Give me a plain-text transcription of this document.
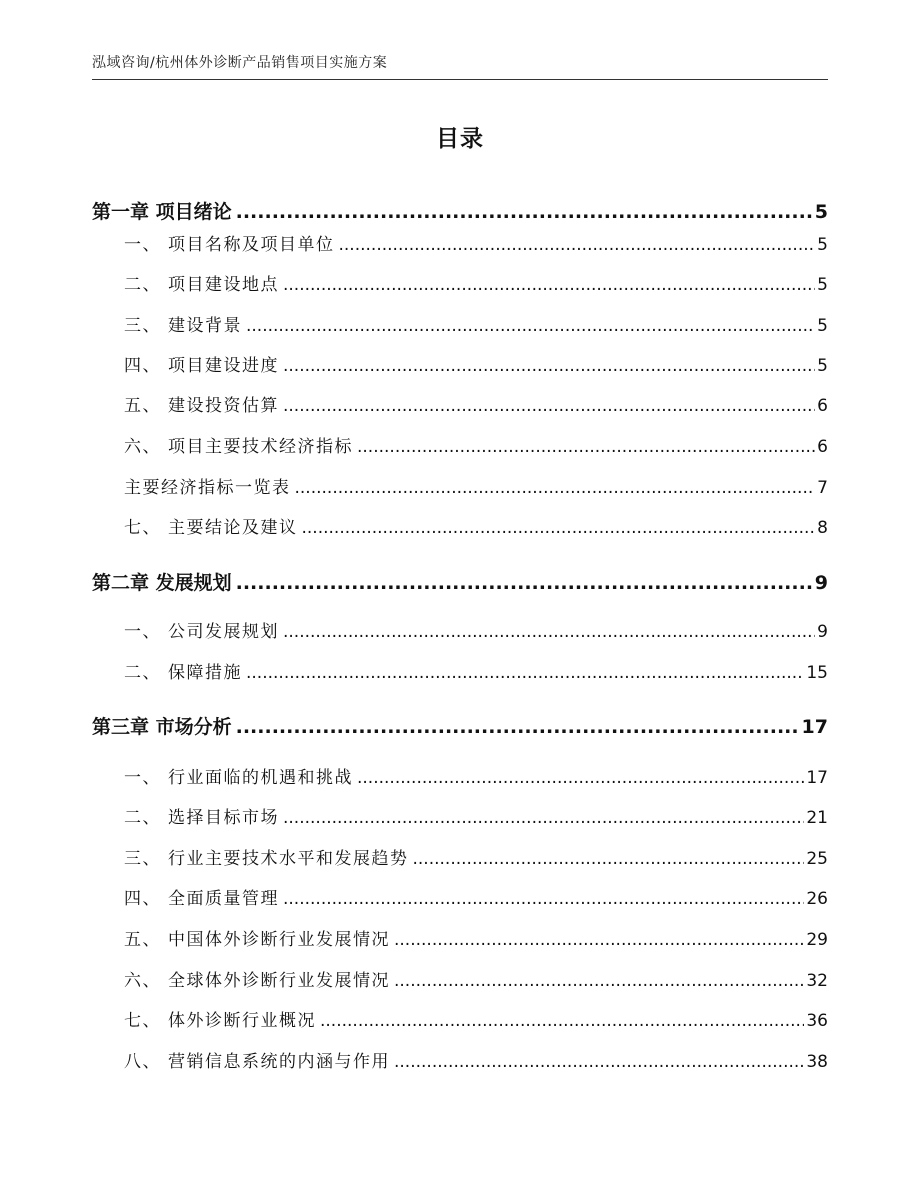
泓域咨询/杭州体外诊断产品销售项目实施方案
目录
第一章 项目绪论 .....	5
一、 项目名称及项目单位 .....	5
二、 项目建设地点 .....	5
三、 建设背景 .....	5
四、 项目建设进度 .....	5
五、 建设投资估算 .....	6
六、 项目主要技术经济指标 .....	6
主要经济指标一览表 .....	7
七、 主要结论及建议 .....	8
第二章 发展规划 .....	9
一、 公司发展规划 .....	9
二、 保障措施 .....	15
第三章 市场分析 .....	17
一、 行业面临的机遇和挑战 .....	17
二、 选择目标市场 .....	21
三、 行业主要技术水平和发展趋势 .....	25
四、 全面质量管理 .....	26
五、 中国体外诊断行业发展情况 .....	29
六、 全球体外诊断行业发展情况 .....	32
七、 体外诊断行业概况 .....	36
八、 营销信息系统的内涵与作用 .....	38
